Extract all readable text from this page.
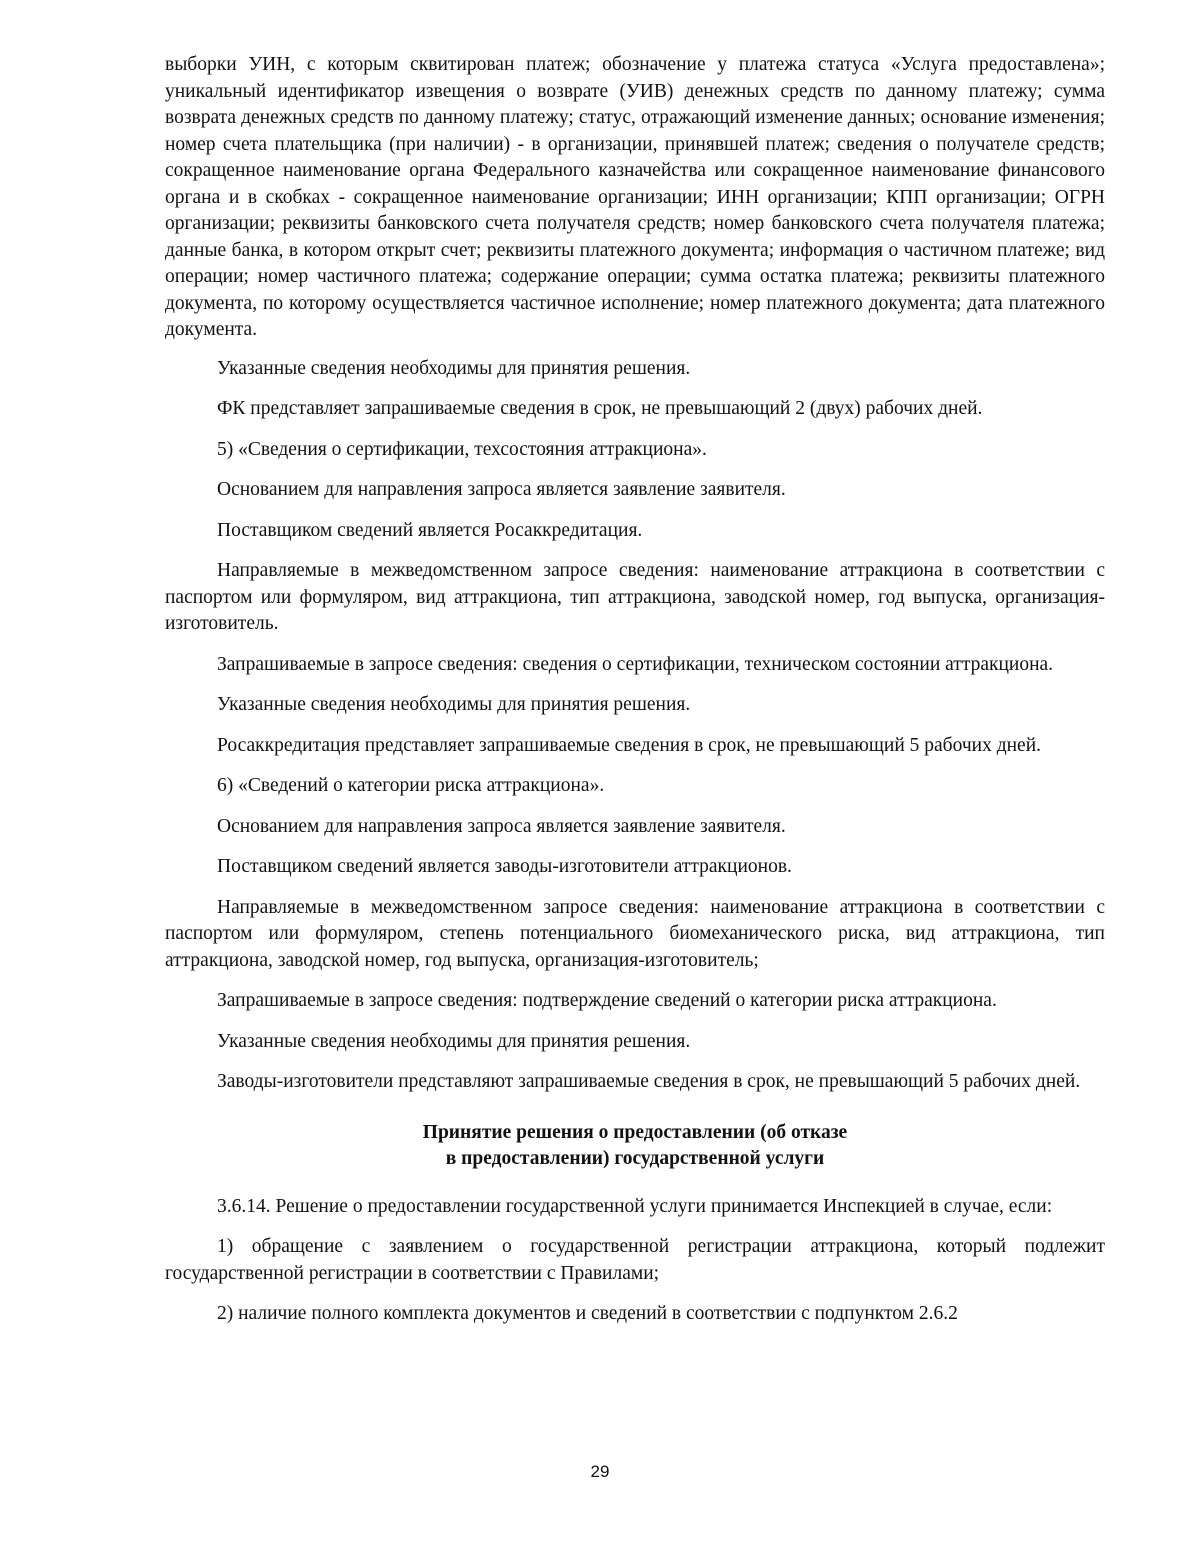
выборки УИН, с которым сквитирован платеж; обозначение у платежа статуса «Услуга предоставлена»; уникальный идентификатор извещения о возврате (УИВ) денежных средств по данному платежу; сумма возврата денежных средств по данному платежу; статус, отражающий изменение данных; основание изменения; номер счета плательщика (при наличии) - в организации, принявшей платеж; сведения о получателе средств; сокращенное наименование органа Федерального казначейства или сокращенное наименование финансового органа и в скобках - сокращенное наименование организации; ИНН организации; КПП организации; ОГРН организации; реквизиты банковского счета получателя средств; номер банковского счета получателя платежа; данные банка, в котором открыт счет; реквизиты платежного документа; информация о частичном платеже; вид операции; номер частичного платежа; содержание операции; сумма остатка платежа; реквизиты платежного документа, по которому осуществляется частичное исполнение; номер платежного документа; дата платежного документа.

Указанные сведения необходимы для принятия решения.

ФК представляет запрашиваемые сведения в срок, не превышающий 2 (двух) рабочих дней.

5) «Сведения о сертификации, техсостояния аттракциона».

Основанием для направления запроса является заявление заявителя.

Поставщиком сведений является Росаккредитация.

Направляемые в межведомственном запросе сведения: наименование аттракциона в соответствии с паспортом или формуляром, вид аттракциона, тип аттракциона, заводской номер, год выпуска, организация-изготовитель.

Запрашиваемые в запросе сведения: сведения о сертификации, техническом состоянии аттракциона.

Указанные сведения необходимы для принятия решения.

Росаккредитация представляет запрашиваемые сведения в срок, не превышающий 5 рабочих дней.

6) «Сведений о категории риска аттракциона».

Основанием для направления запроса является заявление заявителя.

Поставщиком сведений является заводы-изготовители аттракционов.

Направляемые в межведомственном запросе сведения: наименование аттракциона в соответствии с паспортом или формуляром, степень потенциального биомеханического риска, вид аттракциона, тип аттракциона, заводской номер, год выпуска, организация-изготовитель;

Запрашиваемые в запросе сведения: подтверждение сведений о категории риска аттракциона.

Указанные сведения необходимы для принятия решения.

Заводы-изготовители представляют запрашиваемые сведения в срок, не превышающий 5 рабочих дней.

Принятие решения о предоставлении (об отказе
в предоставлении) государственной услуги

3.6.14. Решение о предоставлении государственной услуги принимается Инспекцией в случае, если:

1) обращение с заявлением о государственной регистрации аттракциона, который подлежит государственной регистрации в соответствии с Правилами;

2) наличие полного комплекта документов и сведений в соответствии с подпунктом 2.6.2

29
